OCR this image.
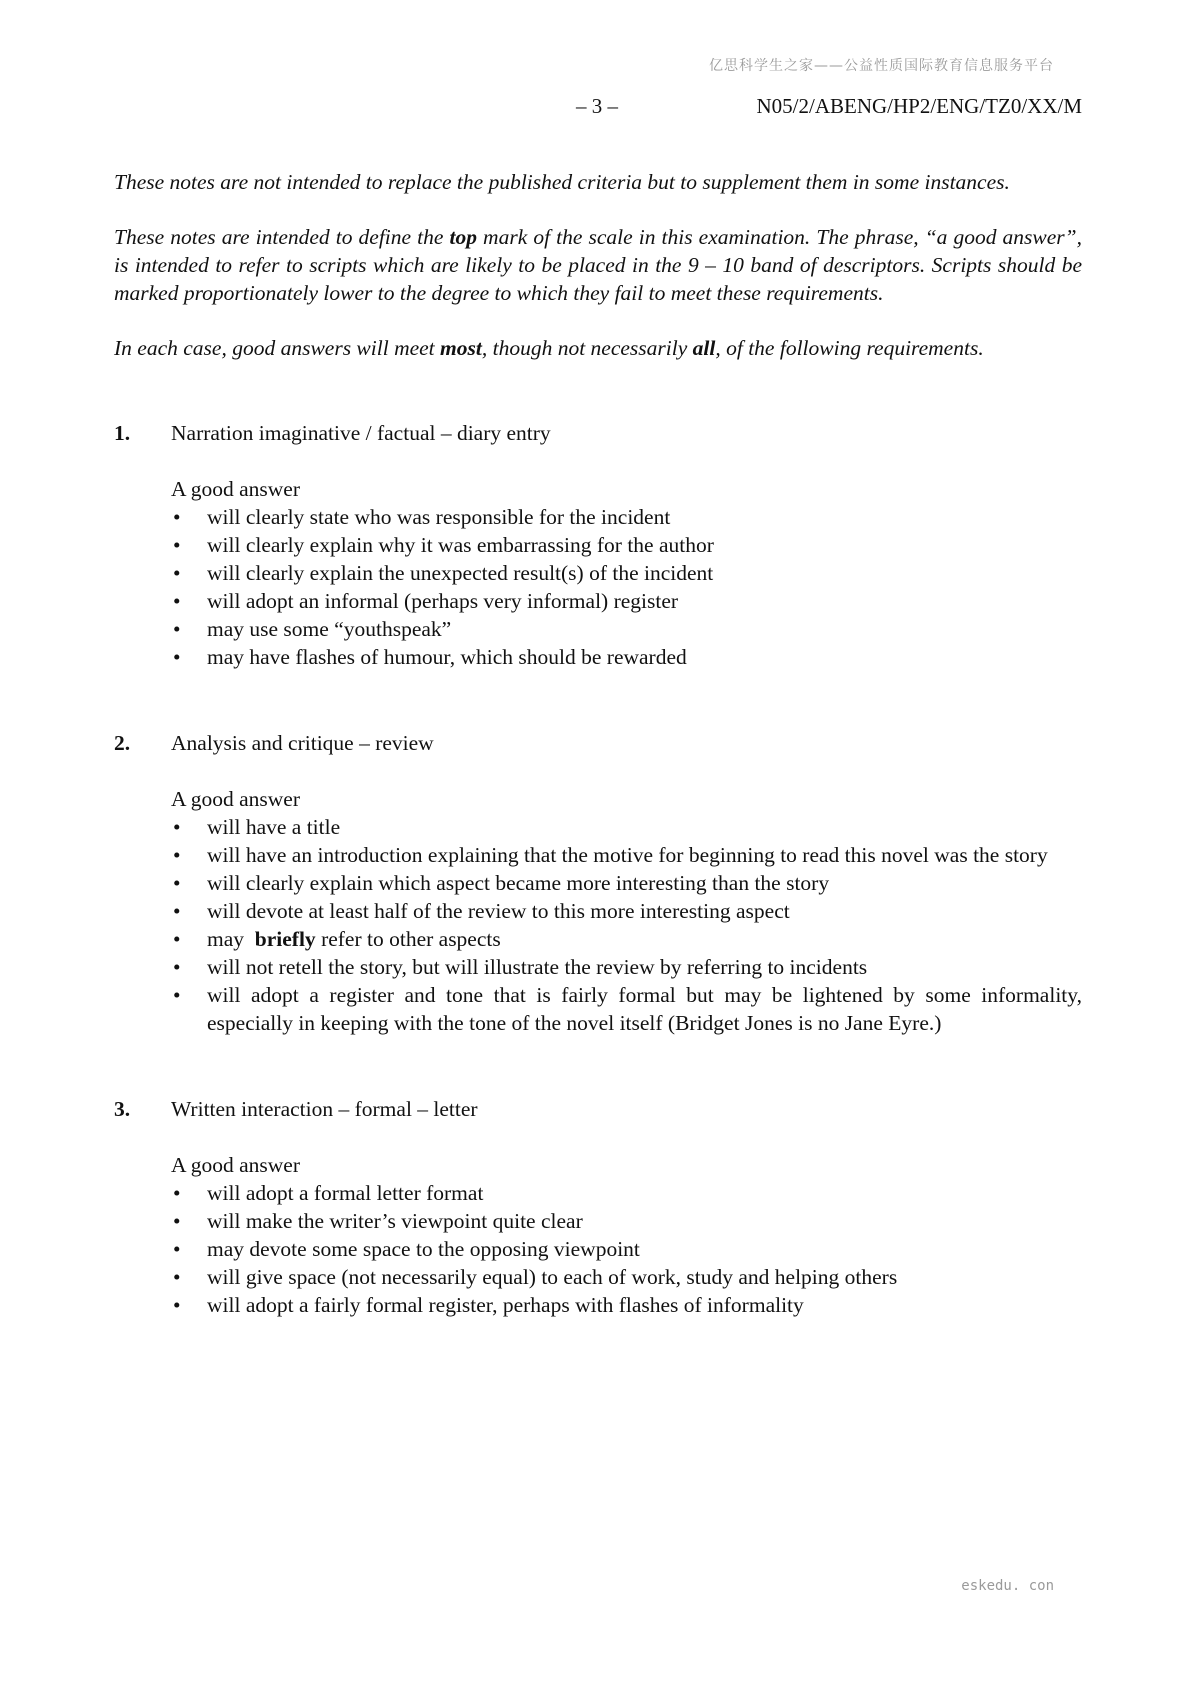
亿思科学生之家——公益性质国际教育信息服务平台
– 3 –	N05/2/ABENG/HP2/ENG/TZ0/XX/M

These notes are not intended to replace the published criteria but to supplement them in some instances.

These notes are intended to define the top mark of the scale in this examination. The phrase, “a good answer”, is intended to refer to scripts which are likely to be placed in the 9 – 10 band of descriptors. Scripts should be marked proportionately lower to the degree to which they fail to meet these requirements.

In each case, good answers will meet most, though not necessarily all, of the following requirements.

1.	Narration imaginative / factual – diary entry

A good answer

• will clearly state who was responsible for the incident
• will clearly explain why it was embarrassing for the author
• will clearly explain the unexpected result(s) of the incident
• will adopt an informal (perhaps very informal) register
• may use some “youthspeak”
• may have flashes of humour, which should be rewarded
2.	Analysis and critique – review

A good answer

• will have a title
• will have an introduction explaining that the motive for beginning to read this novel was the story
• will clearly explain which aspect became more interesting than the story
• will devote at least half of the review to this more interesting aspect
• may  briefly refer to other aspects
• will not retell the story, but will illustrate the review by referring to incidents
• will adopt a register and tone that is fairly formal but may be lightened by some informality, especially in keeping with the tone of the novel itself (Bridget Jones is no Jane Eyre.)
3.	Written interaction – formal – letter

A good answer

• will adopt a formal letter format
• will make the writer’s viewpoint quite clear
• may devote some space to the opposing viewpoint
• will give space (not necessarily equal) to each of work, study and helping others
• will adopt a fairly formal register, perhaps with flashes of informality
eskedu. con
